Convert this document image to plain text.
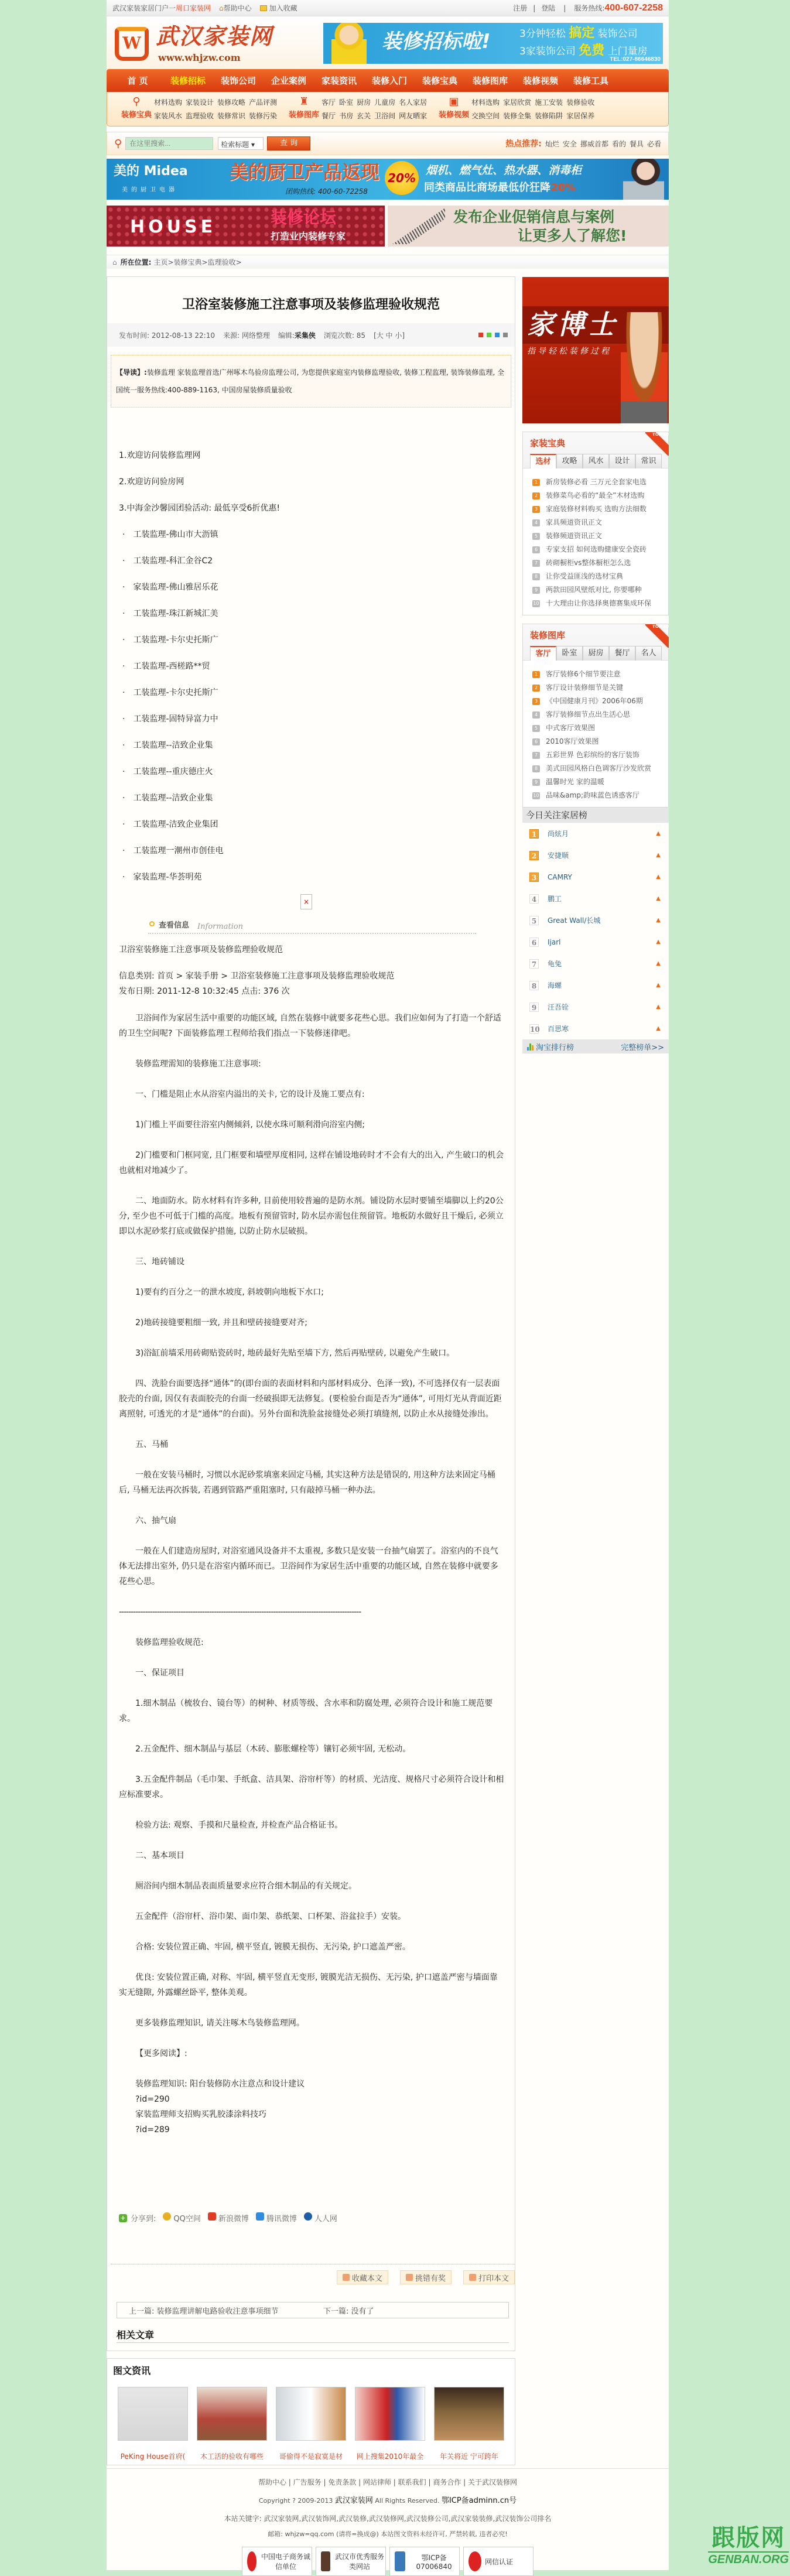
武汉家装家居门户一 周口家装网 ⌂ 帮助中心	加入收藏	注册 | 登陆 | 服务热线: 400-607-2258
W 武汉家装网
www.whjzw.com
装修招标啦!	3分钟轻松 搞定 装饰公司
3家装饰公司 免费 上门量房
TEL:027-86646830
首 页	装修招标	装饰公司	企业案例	家装资讯	装修入门	装修宝典	装修图库	装修视频	装修工具
⚲
装修宝典
材料选购 家装设计 装修攻略 产品评测
家装风水 监理验收 装修常识 装修污染
♜
装修图库
客厅 卧室 厨房 儿童房 名人家居
餐厅 书房 玄关 卫浴间 网友晒家
▣
装修视频
材料选购 家居欣赏 施工安装 装修验收
交换空间 装修全集 装修陷阱 家居保养
⚲
在这里搜索...	检索标题 ▾	查 询	热点推荐: 灿烂 安全 挪威首都 看的 餐具 必看
美的 Midea
美的厨卫电器
美的厨卫产品返现
团购热线: 400-60-72258
20%
烟机、燃气灶、热水器、消毒柜
同类商品比商场最低价狂降20%
HOUSE	装修论坛
打造业内装修专家
发布企业促销信息与案例
让更多人了解您!
⌂ 所在位置: 主页 > 装修宝典 > 监理验收 >
卫浴室装修施工注意事项及装修监理验收规范
发布时间: 2012-08-13 22:10 来源: 网络整理 编辑:采集侠 浏览次数: 85 [大 中 小]
【导读】:装修监理 家装监理首选广州啄木鸟验房监理公司, 为您提供家庭室内装修监理验收, 装修工程监理, 装饰装修监理, 全国统一服务热线:400-889-1163, 中国房屋装修质量验收

1.欢迎访问装修监理网

2.欢迎访问验房网

3.中海金沙馨园团验活动: 最低享受6折优惠!

· 工装监理-佛山市大沥镇

· 工装监理-科汇金谷C2

· 家装监理-佛山雅居乐花

· 工装监理-珠江新城汇美

· 工装监理-卡尔史托斯广

· 工装监理-西槎路**贸

· 工装监理-卡尔史托斯广

· 工装监理-固特异富力中

· 工装监理--洁致企业集

· 工装监理--重庆德庄火

· 工装监理--洁致企业集

· 工装监理-洁致企业集团

· 工装监理一潮州市创佳电

· 家装监理-华荟明苑

×
查看信息 Information

卫浴室装修施工注意事项及装修监理验收规范

信息类别: 首页 > 家装手册 > 卫浴室装修施工注意事项及装修监理验收规范

发布日期: 2011-12-8 10:32:45 点击: 376 次

卫浴间作为家居生活中重要的功能区域, 自然在装修中就要多花些心思。我们应如何为了打造一个舒适的卫生空间呢? 下面装修监理工程师给我们指点一下装修迷律吧。

装修监理需知的装修施工注意事项:

一、门槛是阻止水从浴室内溢出的关卡, 它的设计及施工要点有:

1)门槛上平面要往浴室内侧倾斜, 以使水珠可顺利滑向浴室内侧;

2)门槛要和门框同宽, 且门框要和墙壁厚度相同, 这样在铺设地砖时才不会有大的出入, 产生破口的机会也就相对地减少了。

二、地面防水。防水材料有许多种, 目前使用较普遍的是防水剂。铺设防水层时要铺至墙脚以上约20公分, 至少也不可低于门槛的高度。地板有预留管时, 防水层亦需包住预留管。地板防水做好且干燥后, 必须立即以水泥砂浆打底或做保护措施, 以防止防水层破损。

三、地砖铺设

1)要有约百分之一的泄水坡度, 斜坡朝向地板下水口;

2)地砖接缝要粗细一致, 并且和壁砖接缝要对齐;

3)浴缸前墙采用砖砌贴瓷砖时, 地砖最好先贴至墙下方, 然后再贴壁砖, 以避免产生破口。

四、洗脸台面要选择“通体”的(即台面的表面材料和内部材料成分、色泽一致), 不可选择仅有一层表面胶壳的台面, 因仅有表面胶壳的台面一经破损即无法修复。(要检验台面是否为“通体”, 可用灯光从背面近距离照射, 可透光的才是“通体”的台面)。另外台面和洗脸盆接缝处必须打填缝剂, 以防止水从接缝处渗出。

五、马桶

一般在安装马桶时, 习惯以水泥砂浆填塞来固定马桶, 其实这种方法是错误的, 用这种方法来固定马桶后, 马桶无法再次拆装, 若遇到管路严重阻塞时, 只有敲掉马桶一种办法。

六、抽气扇

一般在人们建造房屋时, 对浴室通风设备并不太重视, 多数只是安装一台抽气扇罢了。浴室内的不良气体无法排出室外, 仍只是在浴室内循环而已。卫浴间作为家居生活中重要的功能区域, 自然在装修中就要多花些心思。

------------------------------------------------------------------------------------------------------

装修监理验收规范:

一、保证项目

1.细木制品（梳妆台、镜台等）的树种、材质等级、含水率和防腐处理, 必须符合设计和施工规范要求。

2.五金配件、细木制品与基层（木砖、膨胀螺栓等）镶钉必须牢固, 无松动。

3.五金配件制品（毛巾架、手纸盒、洁具架、浴帘杆等）的材质、光洁度、规格尺寸必须符合设计和相应标准要求。

检验方法: 观察、手摸和尺量检查, 并检查产品合格证书。

二、基本项目

厕浴间内细木制品表面质量要求应符合细木制品的有关规定。

五金配件（浴帘杆、浴巾架、面巾架、恭纸架、口杯架、浴盆拉手）安装。

合格: 安装位置正确、牢固, 横平竖直, 镀膜无损伤、无污染, 护口遮盖严密。

优良: 安装位置正确, 对称、牢固, 横平竖直无变形, 镀膜光洁无损伤、无污染, 护口遮盖严密与墙面靠实无缝隙, 外露螺丝卧平, 整体美观。

更多装修监理知识, 请关注啄木鸟装修监理网。

【更多阅读】:

装修监理知识: 阳台装修防水注意点和设计建议
?id=290
家装监理师支招购买乳胶漆涂料技巧
?id=289
+ 分享到: QQ空间 新浪微博 腾讯微博 人人网
收藏本文	挑错有奖	打印本文
上一篇: 装修监理讲解电路验收注意事项细节	下一篇: 没有了
相关文章
家博士
指导轻松装修过程
家装宝典
TOP 10
选材	攻略	风水	设计	常识
1	新房装修必看 三万元全套家电选
2	装修菜鸟必看的“最全”木材选购
3	家庭装修材料购买 选购方法细数
4	家具频道资讯正文
5	装修频道资讯正文
6	专家支招 如何选购健康安全瓷砖
7	砖砌橱柜vs整体橱柜怎么选
8	让你受益匪浅的选材宝典
9	两款田园风壁纸对比, 你要哪种
10 十大理由让你选择奥德赛集成环保
装修图库
TOP 10
客厅	卧室	厨房	餐厅	名人
1	客厅装修6个细节要注意
2	客厅设计装修细节是关键
3	《中国健康月刊》2006年06期
4	客厅装修细节点出生活心思
5	中式客厅效果图
6	2010客厅效果图
7	五彩世界 色彩缤纷的客厅装饰
8	美式田园风格白色调客厅沙发欣赏
9	温馨时光 家的温暖
10 品味&amp;韵味蓝色诱惑客厅
今日关注家居榜
1	尚炫月	▲
2	安捷顺	▲
3	CAMRY	▲
4	鹏工	▲
5	Great Wall/长城	▲
6	Ijarl	▲
7	龟兔	▲
8	海螺	▲
9	汪吾铨	▲
10 百思寒	▲
淘宝排行榜	完整榜单>>
图文资讯
PeKing House首府(	木工活的验收有哪些	哥偷得不是寂寞是材	网上搜集2010年最全	年关将近 宁可跨年
帮助中心 | 广告服务 | 免责条款 | 网站律师 | 联系我们 | 商务合作 | 关于武汉装修网
Copyright ? 2009-2013 武汉家装网 All Rights Reserved. 鄂ICP备adminn.cn号
本站关键字: 武汉家装网,武汉装饰网,武汉装修,武汉装修网,武汉装修公司,武汉家装装修,武汉装饰公司排名
邮箱: whjzw=qq.com (请将=换成@) 本站图文资料未经许可, 严禁转载, 违者必究!
中国电子商务诚信单位
武汉市优秀服务类网站
鄂ICP备07006840
网信认证
跟版网
GENBAN.ORG
